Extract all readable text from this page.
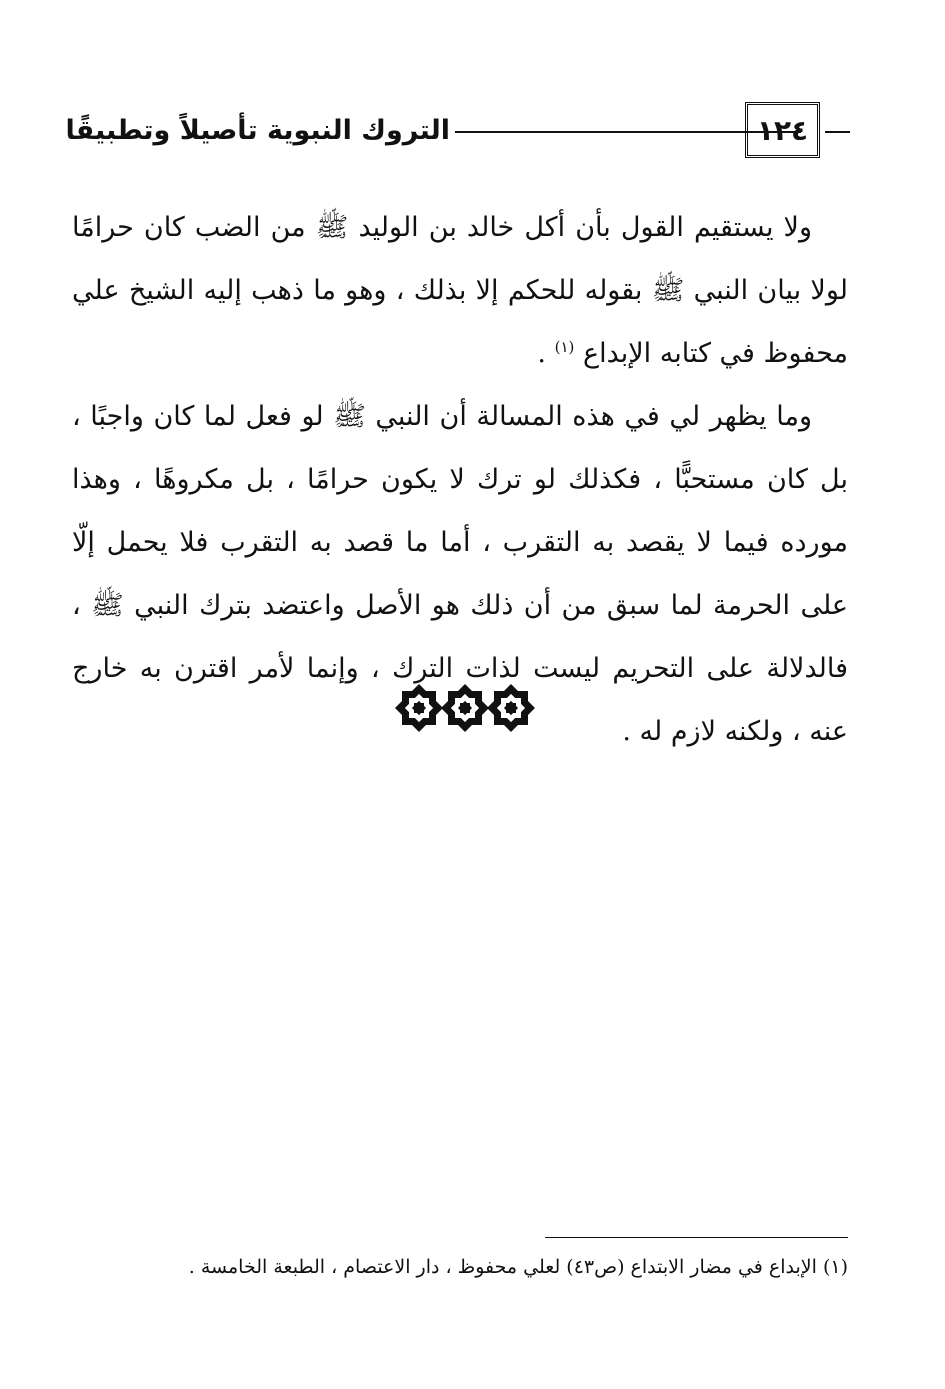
التروك النبوية تأصيلاً وتطبيقًا	١٢٤

ولا يستقيم القول بأن أكل خالد بن الوليد ﷺ من الضب كان حرامًا لولا بيان النبي ﷺ بقوله للحكم إلا بذلك ، وهو ما ذهب إليه الشيخ علي محفوظ في كتابه الإبداع $^{(١)}$ .

وما يظهر لي في هذه المسالة أن النبي ﷺ لو فعل لما كان واجبًا ، بل كان مستحبًّا ، فكذلك لو ترك لا يكون حرامًا ، بل مكروهًا ، وهذا مورده فيما لا يقصد به التقرب ، أما ما قصد به التقرب فلا يحمل إلّا على الحرمة لما سبق من أن ذلك هو الأصل واعتضد بترك النبي ﷺ ، فالدلالة على التحريم ليست لذات الترك ، وإنما لأمر اقترن به خارج عنه ، ولكنه لازم له .

(١) الإبداع في مضار الابتداع (ص٤٣) لعلي محفوظ ، دار الاعتصام ، الطبعة الخامسة .
